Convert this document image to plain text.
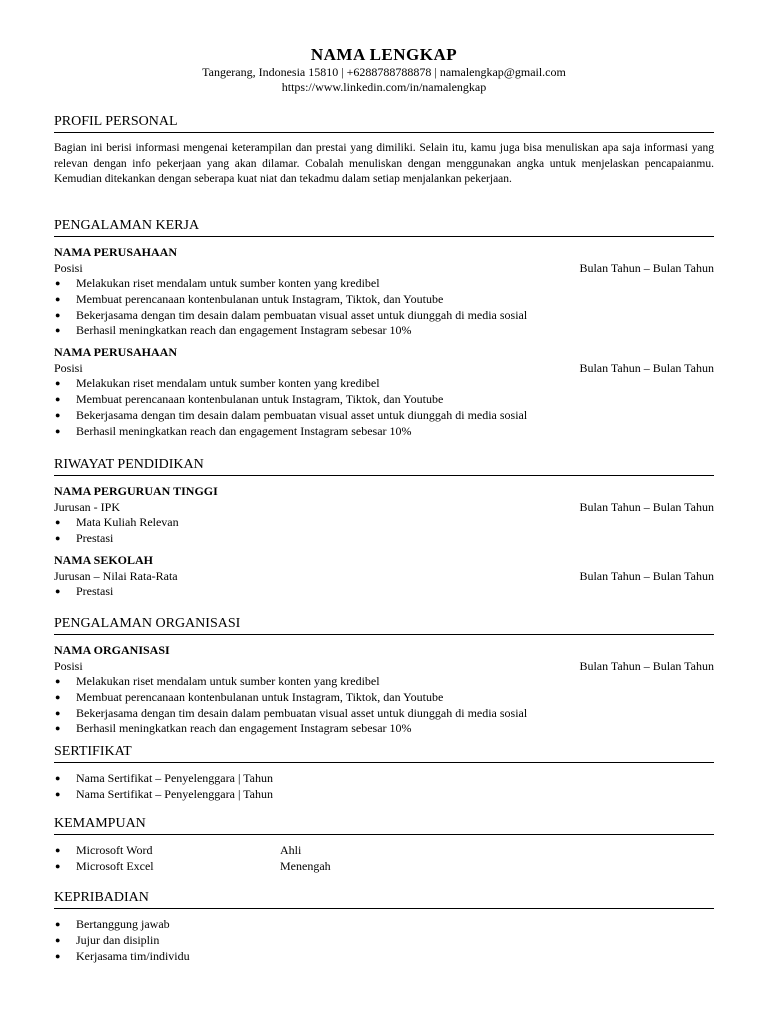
NAMA LENGKAP
Tangerang, Indonesia 15810 | +6288788788878 | namalengkap@gmail.com
https://www.linkedin.com/in/namalengkap
PROFIL PERSONAL
Bagian ini berisi informasi mengenai keterampilan dan prestai yang dimiliki. Selain itu, kamu juga bisa menuliskan apa saja informasi yang relevan dengan info pekerjaan yang akan dilamar. Cobalah menuliskan dengan menggunakan angka untuk menjelaskan pencapaianmu. Kemudian ditekankan dengan seberapa kuat niat dan tekadmu dalam setiap menjalankan pekerjaan.
PENGALAMAN KERJA
NAMA PERUSAHAAN
Posisi	Bulan Tahun – Bulan Tahun
● Melakukan riset mendalam untuk sumber konten yang kredibel
● Membuat perencanaan kontenbulanan untuk Instagram, Tiktok, dan Youtube
● Bekerjasama dengan tim desain dalam pembuatan visual asset untuk diunggah di media sosial
● Berhasil meningkatkan reach dan engagement Instagram sebesar 10%
NAMA PERUSAHAAN
Posisi	Bulan Tahun – Bulan Tahun
● Melakukan riset mendalam untuk sumber konten yang kredibel
● Membuat perencanaan kontenbulanan untuk Instagram, Tiktok, dan Youtube
● Bekerjasama dengan tim desain dalam pembuatan visual asset untuk diunggah di media sosial
● Berhasil meningkatkan reach dan engagement Instagram sebesar 10%
RIWAYAT PENDIDIKAN
NAMA PERGURUAN TINGGI
Jurusan - IPK	Bulan Tahun – Bulan Tahun
● Mata Kuliah Relevan
● Prestasi
NAMA SEKOLAH
Jurusan – Nilai Rata-Rata	Bulan Tahun – Bulan Tahun
● Prestasi
PENGALAMAN ORGANISASI
NAMA ORGANISASI
Posisi	Bulan Tahun – Bulan Tahun
● Melakukan riset mendalam untuk sumber konten yang kredibel
● Membuat perencanaan kontenbulanan untuk Instagram, Tiktok, dan Youtube
● Bekerjasama dengan tim desain dalam pembuatan visual asset untuk diunggah di media sosial
● Berhasil meningkatkan reach dan engagement Instagram sebesar 10%
SERTIFIKAT
● Nama Sertifikat – Penyelenggara | Tahun
● Nama Sertifikat – Penyelenggara | Tahun
KEMAMPUAN
● Microsoft Word	Ahli
● Microsoft Excel	Menengah
KEPRIBADIAN
● Bertanggung jawab
● Jujur dan disiplin
● Kerjasama tim/individu
